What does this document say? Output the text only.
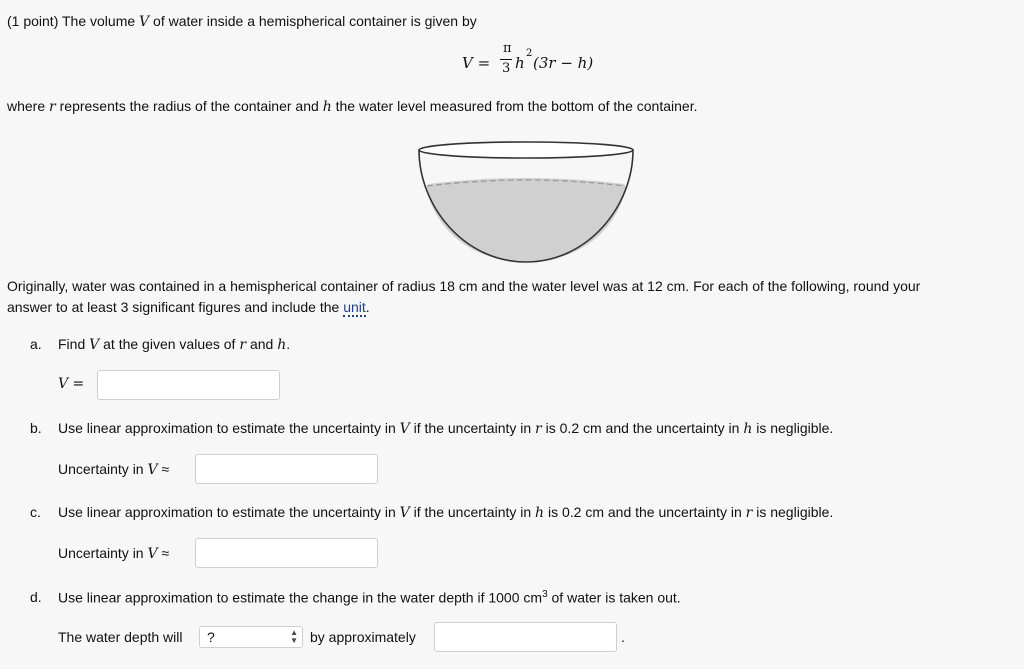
(1 point) The volume V of water inside a hemispherical container is given by
V =
π
3 h
2
(3r − h)
where r represents the radius of the container and h the water level measured from the bottom of the container.
Originally, water was contained in a hemispherical container of radius 18 cm and the water level was at 12 cm. For each of the following, round your
answer to at least 3 significant figures and include the unit.
a. Find V at the given values of r and h.
V =
b. Use linear approximation to estimate the uncertainty in V if the uncertainty in r is 0.2 cm and the uncertainty in h is negligible.
Uncertainty in V ≈
c. Use linear approximation to estimate the uncertainty in V if the uncertainty in h is 0.2 cm and the uncertainty in r is negligible.
Uncertainty in V ≈
d. Use linear approximation to estimate the change in the water depth if 1000 $cm^3$ of water is taken out.
The water depth will	?	▲
▼ by approximately	.
